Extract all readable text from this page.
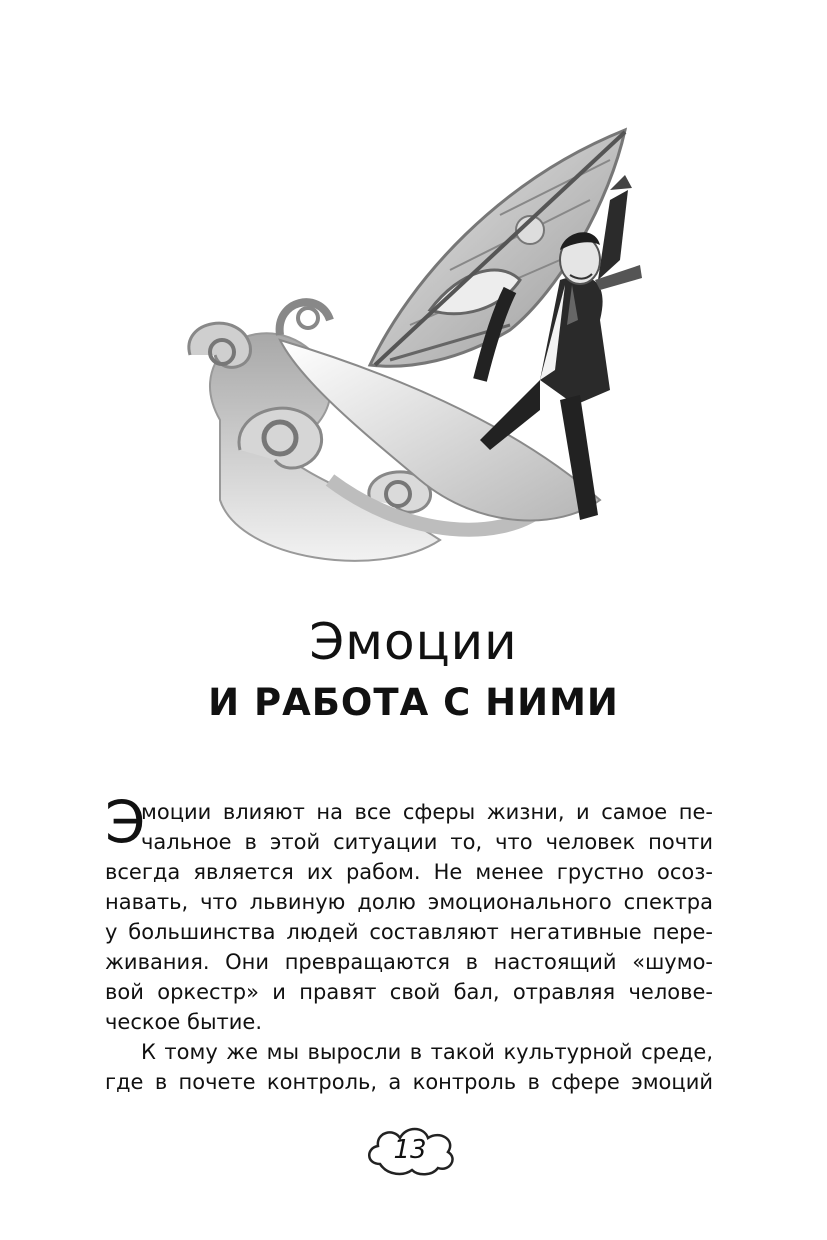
Эмоции
И РАБОТА С НИМИ
Э
моции влияют на все сферы жизни, и самое пе-
чальное в этой ситуации то, что человек почти
всегда является их рабом. Не менее грустно осоз-
навать, что львиную долю эмоционального спектра
у большинства людей составляют негативные пере-
живания. Они превращаются в настоящий «шумо-
вой оркестр» и правят свой бал, отравляя челове-
ческое бытие.
К тому же мы выросли в такой культурной среде,
где в почете контроль, а контроль в сфере эмоций
13
